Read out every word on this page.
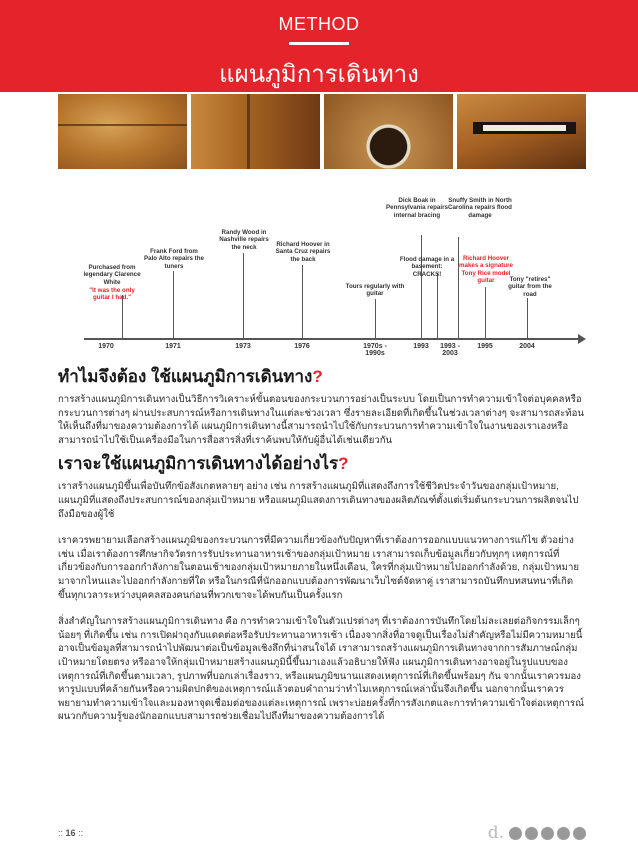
METHOD
แผนภูมิการเดินทาง
Purchased from legendary Clarence White
"It was the only guitar I had."
Frank Ford from Palo Alto repairs the tuners
Randy Wood in Nashville repairs the neck	Richard Hoover in Santa Cruz repairs the back
Tours regularly with guitar
Dick Boak in Pennsylvania repairs internal bracing
Flood damage in a basement: CRACKS!
Snuffy Smith in North Carolina repairs flood damage
Richard Hoover makes a signature Tony Rice model guitar	Tony "retires" guitar from the road
1970	1971	1973	1976	1970s - 1990s
1993	1993 - 2003
1995	2004
ทำไมจึงต้อง ใช้แผนภูมิการเดินทาง?

การสร้างแผนภูมิการเดินทางเป็นวิธีการวิเคราะห์ขั้นตอนของกระบวนการอย่างเป็นระบบ โดยเป็นการทำความเข้าใจต่อบุคคลหรือกระบวนการต่างๆ ผ่านประสบการณ์หรือการเดินทางในแต่ละช่วงเวลา ซึ่งรายละเอียดที่เกิดขึ้นในช่วงเวลาต่างๆ จะสามารถสะท้อนให้เห็นถึงที่มาของความต้องการได้ แผนภูมิการเดินทางนี้สามารถนำไปใช้กับกระบวนการทำความเข้าใจในงานของเราเองหรือสามารถนำไปใช้เป็นเครื่องมือในการสื่อสารสิ่งที่เราค้นพบให้กับผู้อื่นได้เช่นเดียวกัน

เราจะใช้แผนภูมิการเดินทางได้อย่างไร?

เราสร้างแผนภูมิขึ้นเพื่อบันทึกข้อสังเกตหลายๆ อย่าง เช่น การสร้างแผนภูมิที่แสดงถึงการใช้ชีวิตประจำวันของกลุ่มเป้าหมาย, แผนภูมิที่แสดงถึงประสบการณ์ของกลุ่มเป้าหมาย หรือแผนภูมิแสดงการเดินทางของผลิตภัณฑ์ตั้งแต่เริ่มต้นกระบวนการผลิตจนไปถึงมือของผู้ใช้

เราควรพยายามเลือกสร้างแผนภูมิของกระบวนการที่มีความเกี่ยวข้องกับปัญหาที่เราต้องการออกแบบแนวทางการแก้ไข ตัวอย่างเช่น เมื่อเราต้องการศึกษากิจวัตรการรับประทานอาหารเช้าของกลุ่มเป้าหมาย เราสามารถเก็บข้อมูลเกี่ยวกับทุกๆ เหตุการณ์ที่เกี่ยวข้องกับการออกกำลังกายในตอนเช้าของกลุ่มเป้าหมายภายในหนึ่งเดือน, ใครที่กลุ่มเป้าหมายไปออกกำลังด้วย, กลุ่มเป้าหมายมาจากไหนและไปออกกำลังกายที่ใด หรือในกรณีที่นักออกแบบต้องการพัฒนาเว็บไซต์จัดหาคู่ เราสามารถบันทึกบทสนทนาที่เกิดขึ้นทุกเวลาระหว่างบุคคลสองคนก่อนที่พวกเขาจะได้พบกันเป็นครั้งแรก

สิ่งสำคัญในการสร้างแผนภูมิการเดินทาง คือ การทำความเข้าใจในตัวแปรต่างๆ ที่เราต้องการบันทึกโดยไม่ละเลยต่อกิจกรรมเล็กๆ น้อยๆ ที่เกิดขึ้น เช่น การเปิดฝาถุงกับแดดต่อหรือรับประทานอาหารเช้า เนื่องจากสิ่งที่อาจดูเป็นเรื่องไม่สำคัญหรือไม่มีความหมายนี้ อาจเป็นข้อมูลที่สามารถนำไปพัฒนาต่อเป็นข้อมูลเชิงลึกที่น่าสนใจได้ เราสามารถสร้างแผนภูมิการเดินทางจากการสัมภาษณ์กลุ่มเป้าหมายโดยตรง หรืออาจให้กลุ่มเป้าหมายสร้างแผนภูมินี้ขึ้นมาเองแล้วอธิบายให้ฟัง แผนภูมิการเดินทางอาจอยู่ในรูปแบบของเหตุการณ์ที่เกิดขึ้นตามเวลา, รูปภาพที่บอกเล่าเรื่องราว, หรือแผนภูมิขนานแสดงเหตุการณ์ที่เกิดขึ้นพร้อมๆ กัน จากนั้นเราควรมองหารูปแบบที่คล้ายกันหรือความผิดปกติของเหตุการณ์แล้วตอบคำถามว่าทำไมเหตุการณ์เหล่านั้นจึงเกิดขึ้น นอกจากนั้นเราควรพยายามทำความเข้าใจและมองหาจุดเชื่อมต่อของแต่ละเหตุการณ์ เพราะบ่อยครั้งที่การสังเกตและการทำความเข้าใจต่อเหตุการณ์ผนวกกับความรู้ของนักออกแบบสามารถช่วยเชื่อมไปถึงที่มาของความต้องการได้

:: 16 ::	d.
